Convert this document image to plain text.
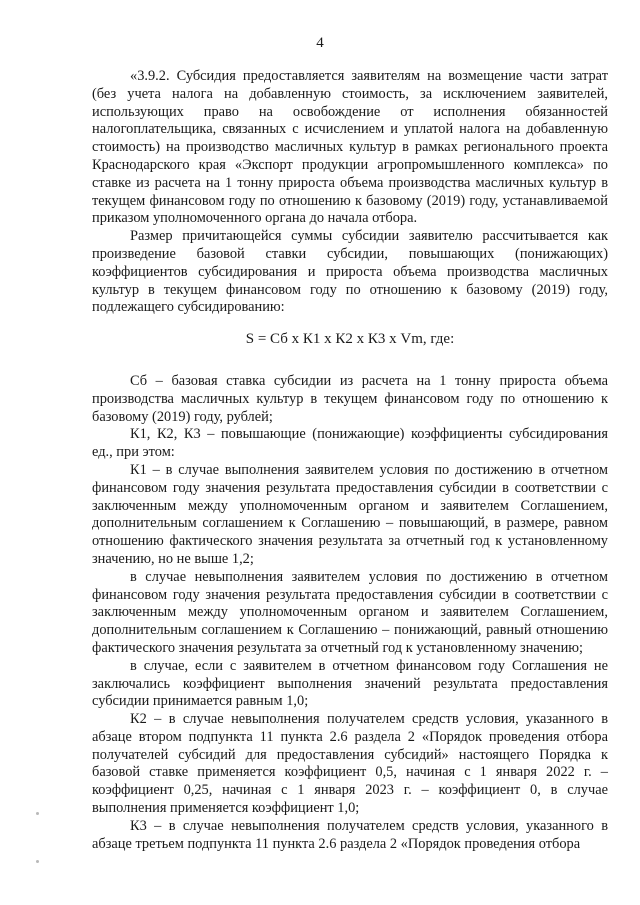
4

«3.9.2. Субсидия предоставляется заявителям на возмещение части затрат (без учета налога на добавленную стоимость, за исключением заявителей, использующих право на освобождение от исполнения обязанностей налогоплательщика, связанных с исчислением и уплатой налога на добавленную стоимость) на производство масличных культур в рамках регионального проекта Краснодарского края «Экспорт продукции агропромышленного комплекса» по ставке из расчета на 1 тонну прироста объема производства масличных культур в текущем финансовом году по отношению к базовому (2019) году, устанавливаемой приказом уполномоченного органа до начала отбора.

Размер причитающейся суммы субсидии заявителю рассчитывается как произведение базовой ставки субсидии, повышающих (понижающих) коэффициентов субсидирования и прироста объема производства масличных культур в текущем финансовом году по отношению к базовому (2019) году, подлежащего субсидированию:

S = Сб х К1 х К2 х К3 х Vm, где:

Сб – базовая ставка субсидии из расчета на 1 тонну прироста объема производства масличных культур в текущем финансовом году по отношению к базовому (2019) году, рублей;

К1, К2, К3 – повышающие (понижающие) коэффициенты субсидирования ед., при этом:

К1 – в случае выполнения заявителем условия по достижению в отчетном финансовом году значения результата предоставления субсидии в соответствии с заключенным между уполномоченным органом и заявителем Соглашением, дополнительным соглашением к Соглашению – повышающий, в размере, равном отношению фактического значения результата за отчетный год к установленному значению, но не выше 1,2;

в случае невыполнения заявителем условия по достижению в отчетном финансовом году значения результата предоставления субсидии в соответствии с заключенным между уполномоченным органом и заявителем Соглашением, дополнительным соглашением к Соглашению – понижающий, равный отношению фактического значения результата за отчетный год к установленному значению;

в случае, если с заявителем в отчетном финансовом году Соглашения не заключались коэффициент выполнения значений результата предоставления субсидии принимается равным 1,0;

К2 – в случае невыполнения получателем средств условия, указанного в абзаце втором подпункта 11 пункта 2.6 раздела 2 «Порядок проведения отбора получателей субсидий для предоставления субсидий» настоящего Порядка к базовой ставке применяется коэффициент 0,5, начиная с 1 января 2022 г. – коэффициент 0,25, начиная с 1 января 2023 г. – коэффициент 0, в случае выполнения применяется коэффициент 1,0;

К3 – в случае невыполнения получателем средств условия, указанного в абзаце третьем подпункта 11 пункта 2.6 раздела 2 «Порядок проведения отбора
